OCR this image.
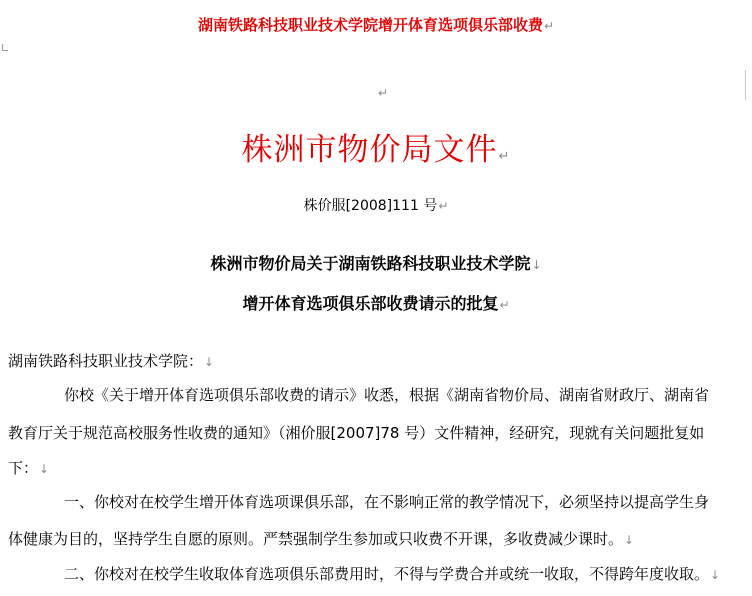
湖南铁路科技职业技术学院增开体育选项俱乐部收费↵
↵
株洲市物价局文件↵
株价服[2008]111 号↵
株洲市物价局关于湖南铁路科技职业技术学院↓
增开体育选项俱乐部收费请示的批复↵
湖南铁路科技职业技术学院：↓
你校《关于增开体育选项俱乐部收费的请示》收悉，根据《湖南省物价局、湖南省财政厅、湖南省
教育厅关于规范高校服务性收费的通知》（湘价服[2007]78 号）文件精神，经研究，现就有关问题批复如
下：↓
一、你校对在校学生增开体育选项课俱乐部，在不影响正常的教学情况下，必须坚持以提高学生身
体健康为目的，坚持学生自愿的原则。严禁强制学生参加或只收费不开课，多收费减少课时。↓
二、你校对在校学生收取体育选项俱乐部费用时，不得与学费合并或统一收取，不得跨年度收取。↓
